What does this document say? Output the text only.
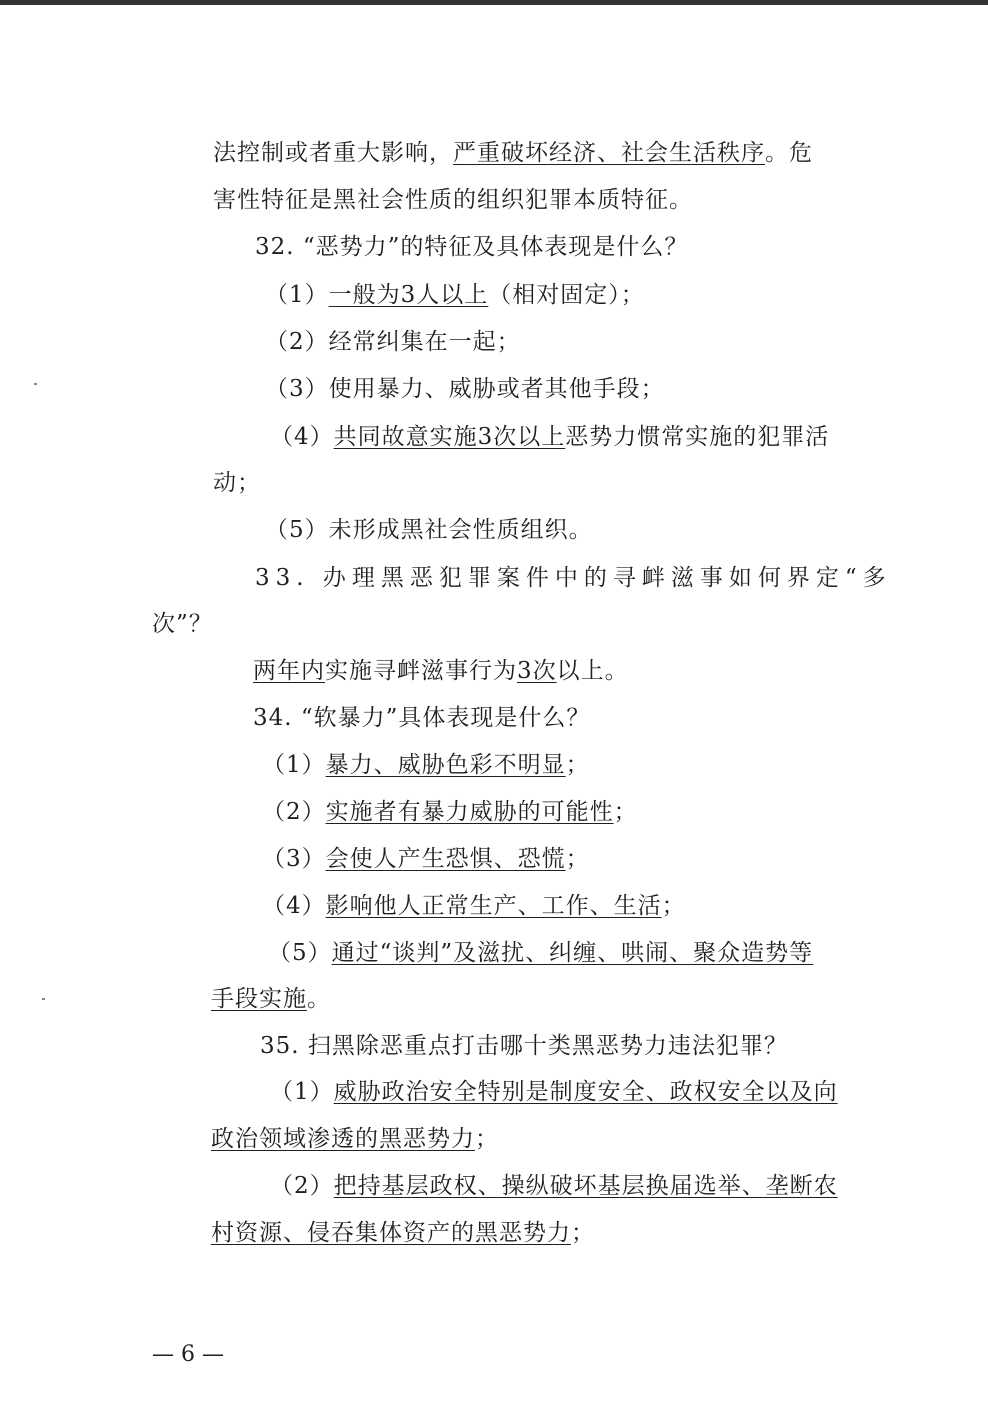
法控制或者重大影响，严重破坏经济、社会生活秩序。危
害性特征是黑社会性质的组织犯罪本质特征。
32. “恶势力”的特征及具体表现是什么？
（1）一般为3人以上（相对固定）；
（2）经常纠集在一起；
（3）使用暴力、威胁或者其他手段；
（4）共同故意实施3次以上恶势力惯常实施的犯罪活
动；
（5）未形成黑社会性质组织。
33. 办理黑恶犯罪案件中的寻衅滋事如何界定“多
次”？
两年内实施寻衅滋事行为3次以上。
34. “软暴力”具体表现是什么？
（1）暴力、威胁色彩不明显；
（2）实施者有暴力威胁的可能性；
（3）会使人产生恐惧、恐慌；
（4）影响他人正常生产、工作、生活；
（5）通过“谈判”及滋扰、纠缠、哄闹、聚众造势等
手段实施。
35. 扫黑除恶重点打击哪十类黑恶势力违法犯罪？
（1）威胁政治安全特别是制度安全、政权安全以及向
政治领域渗透的黑恶势力；
（2）把持基层政权、操纵破坏基层换届选举、垄断农
村资源、侵吞集体资产的黑恶势力；
— 6 —
